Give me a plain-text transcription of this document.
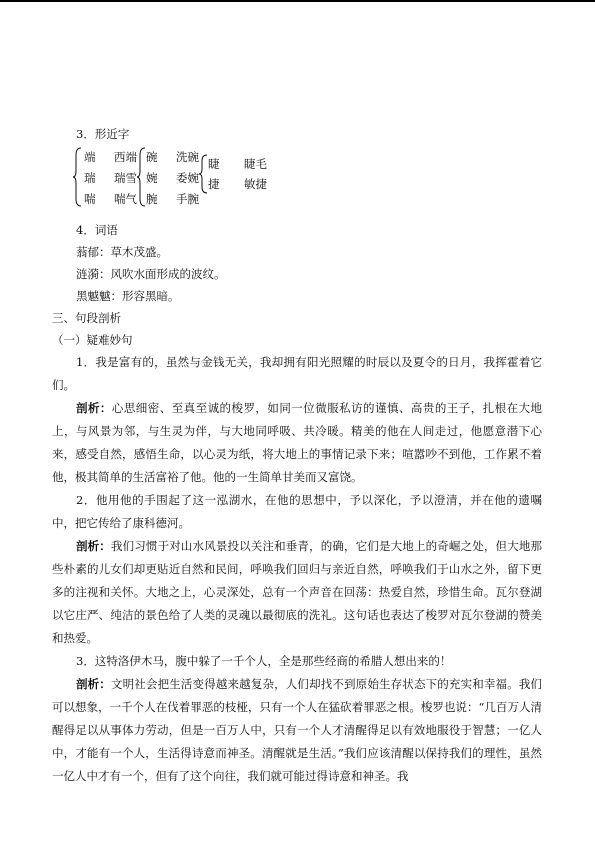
3．形近字
端 西端
瑞 瑞雪
喘 喘气
碗 洗碗
婉 委婉
腕 手腕
睫 睫毛
捷 敏捷
4．词语
蓊郁：草木茂盛。
涟漪：风吹水面形成的波纹。
黑魆魆：形容黑暗。
三、句段剖析
（一）疑难妙句
1．我是富有的，虽然与金钱无关，我却拥有阳光照耀的时辰以及夏令的日月，我挥霍着它们。
剖析：心思细密、至真至诚的梭罗，如同一位微服私访的谨慎、高贵的王子，扎根在大地上，与风景为邻，与生灵为伴，与大地同呼吸、共冷暖。精美的他在人间走过，他愿意潜下心来，感受自然，感悟生命，以心灵为纸，将大地上的事情记录下来；喧嚣吵不到他，工作累不着他，极其简单的生活富裕了他。他的一生简单甘美而又富饶。
2．他用他的手围起了这一泓湖水，在他的思想中，予以深化，予以澄清，并在他的遗嘱中，把它传给了康科德河。
剖析：我们习惯于对山水风景投以关注和垂青，的确，它们是大地上的奇崛之处，但大地那些朴素的儿女们却更贴近自然和民间，呼唤我们回归与亲近自然，呼唤我们于山水之外，留下更多的注视和关怀。大地之上，心灵深处，总有一个声音在回荡：热爱自然，珍惜生命。瓦尔登湖以它庄严、纯洁的景色给了人类的灵魂以最彻底的洗礼。这句话也表达了梭罗对瓦尔登湖的赞美和热爱。
3．这特洛伊木马，腹中躲了一千个人，全是那些经商的希腊人想出来的！
剖析：文明社会把生活变得越来越复杂，人们却找不到原始生存状态下的充实和幸福。我们可以想象，一千个人在伐着罪恶的枝桠，只有一个人在猛砍着罪恶之根。梭罗也说：“几百万人清醒得足以从事体力劳动，但是一百万人中，只有一个人才清醒得足以有效地服役于智慧；一亿人中，才能有一个人，生活得诗意而神圣。清醒就是生活。”我们应该清醒以保持我们的理性，虽然一亿人中才有一个，但有了这个向往，我们就可能过得诗意和神圣。我
